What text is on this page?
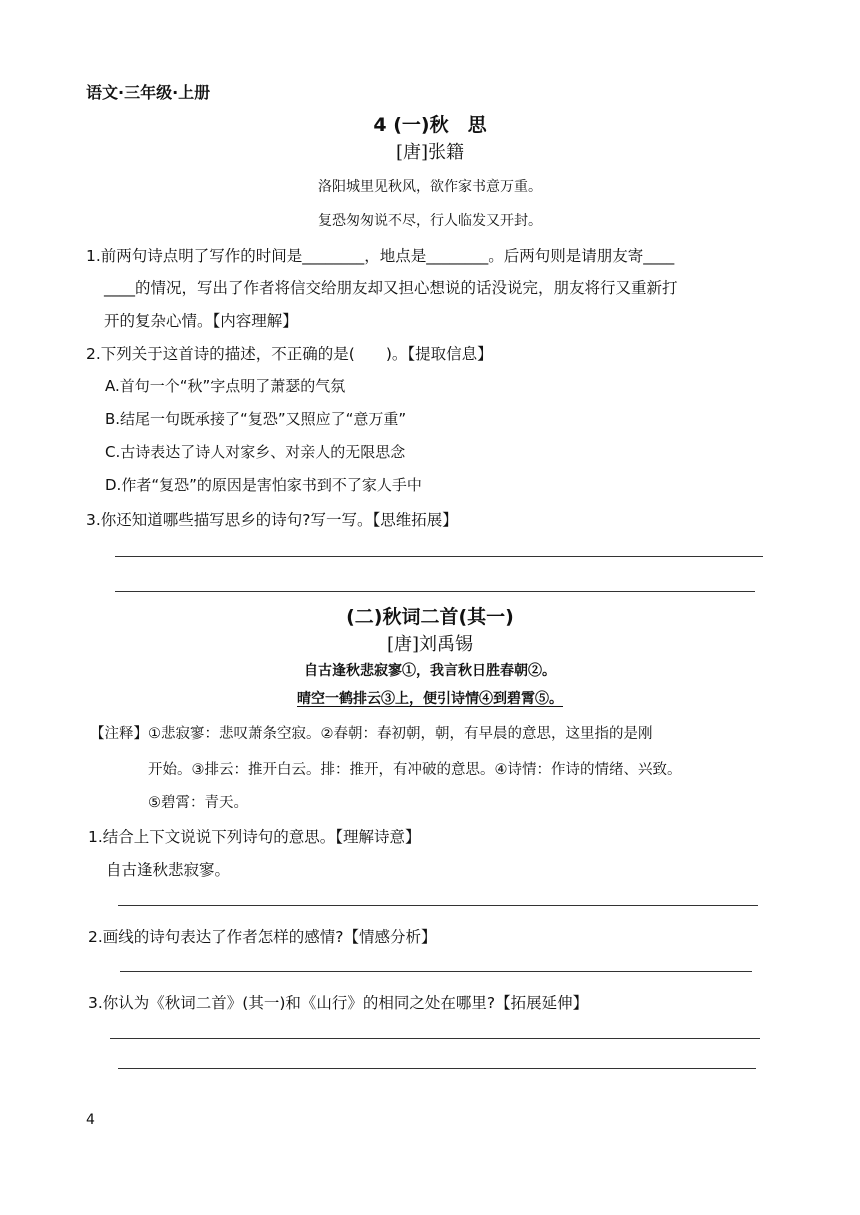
语文·三年级·上册
4 (一)秋　思
[唐]张籍
洛阳城里见秋风，欲作家书意万重。
复恐匆匆说不尽，行人临发又开封。
1.前两句诗点明了写作的时间是________，地点是________。后两句则是请朋友寄____
____的情况，写出了作者将信交给朋友却又担心想说的话没说完，朋友将行又重新打
开的复杂心情。【内容理解】
2.下列关于这首诗的描述，不正确的是(　　)。【提取信息】
A.首句一个“秋”字点明了萧瑟的气氛
B.结尾一句既承接了“复恐”又照应了“意万重”
C.古诗表达了诗人对家乡、对亲人的无限思念
D.作者“复恐”的原因是害怕家书到不了家人手中
3.你还知道哪些描写思乡的诗句?写一写。【思维拓展】
(二)秋词二首(其一)
[唐]刘禹锡
自古逢秋悲寂寥①，我言秋日胜春朝②。
晴空一鹤排云③上，便引诗情④到碧霄⑤。
【注释】①悲寂寥：悲叹萧条空寂。②春朝：春初朝，朝，有早晨的意思，这里指的是刚
开始。③排云：推开白云。排：推开，有冲破的意思。④诗情：作诗的情绪、兴致。
⑤碧霄：青天。
1.结合上下文说说下列诗句的意思。【理解诗意】
自古逢秋悲寂寥。
2.画线的诗句表达了作者怎样的感情?【情感分析】
3.你认为《秋词二首》(其一)和《山行》的相同之处在哪里?【拓展延伸】
4
